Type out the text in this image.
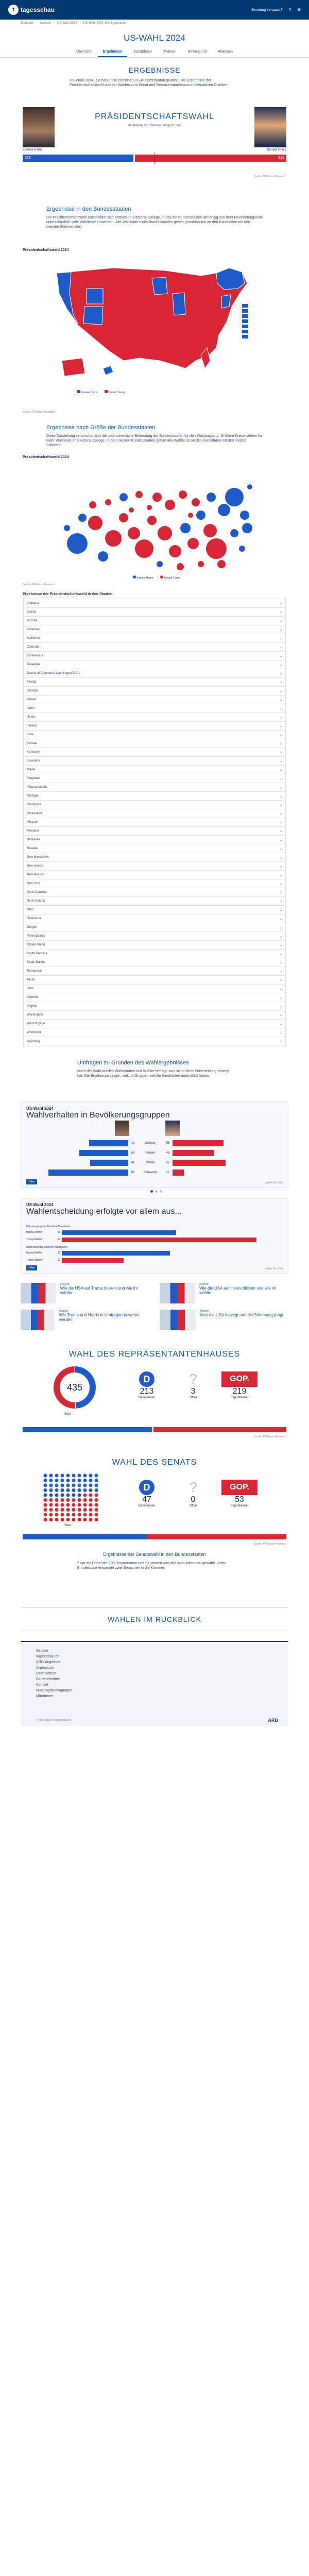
t	tagesschau	Sendung verpasst? ⚲ ☰
Startseite › Ausland › US-Wahl 2024 › US-Wahl 2024: Die Ergebnisse
US-WAHL 2024
Übersicht	Ergebnisse	Kandidaten	Themen	Hintergrund	Analysen
ERGEBNISSE
US-Wahl 2024 - So haben die einzelnen US-Bundesstaaten gewählt: Die Ergebnisse der Präsidentschaftswahl und der Wahlen zum Senat und Repräsentantenhaus in interaktiven Grafiken.
PRÄSIDENTSCHAFTSWAHL
Mindestens 270 Stimmen nötig für Sieg
Kamala Harris	Donald Trump
226	312
Quelle: AP/Edison Research
Ergebnisse in den Bundesstaaten
Die Präsidentschaftswahl entscheidet sich letztlich im Electoral College, in das die Bundesstaaten abhängig von ihrer Bevölkerungszahl unterschiedlich viele Wahlleute entsenden. Alle Wahlleute eines Bundesstaates gehen grundsätzlich an den Kandidaten mit den meisten Stimmen dort.
Präsidentschaftswahl 2024
Kamala Harris	Donald Trump
Quelle: AP/Edison Research
Ergebnisse nach Größe der Bundesstaaten
Diese Darstellung veranschaulicht die unterschiedliche Bedeutung der Bundesstaaten für den Wahlausgang. Größere Kreise stehen für mehr Wahlleute im Electoral College. In den meisten Bundesstaaten gehen alle Wahlleute an den Kandidaten mit den meisten Stimmen.
Präsidentschaftswahl 2024
Kamala Harris	Donald Trump
Quelle: AP/Edison Research
Ergebnisse der Präsidentschaftswahl in den Staaten
Alabama	⌄
Alaska	⌄
Arizona	⌄
Arkansas	⌄
Kalifornien	⌄
Colorado	⌄
Connecticut	⌄
Delaware	⌄
District of Columbia (Washington D.C.)	⌄
Florida	⌄
Georgia	⌄
Hawaii	⌄
Idaho	⌄
Illinois	⌄
Indiana	⌄
Iowa	⌄
Kansas	⌄
Kentucky	⌄
Louisiana	⌄
Maine	⌄
Maryland	⌄
Massachusetts	⌄
Michigan	⌄
Minnesota	⌄
Mississippi	⌄
Missouri	⌄
Montana	⌄
Nebraska	⌄
Nevada	⌄
New Hampshire	⌄
New Jersey	⌄
New Mexico	⌄
New York	⌄
North Carolina	⌄
North Dakota	⌄
Ohio	⌄
Oklahoma	⌄
Oregon	⌄
Pennsylvania	⌄
Rhode Island	⌄
South Carolina	⌄
South Dakota	⌄
Tennessee	⌄
Texas	⌄
Utah	⌄
Vermont	⌄
Virginia	⌄
Washington	⌄
West Virginia	⌄
Wisconsin	⌄
Wyoming	⌄
Umfragen zu Gründen des Wahlergebnisses
Nach der Wahl wurden Wählerinnen und Wähler befragt, was sie zu ihrer Entscheidung bewegt hat. Die Ergebnisse zeigen, welche Gruppen welche Kandidaten unterstützt haben.
US-Wahl 2024
Wahlverhalten in Bevölkerungsgruppen
42	Männer	55
53	Frauen	45
41	Weiße	57
86	Schwarze	12
Quelle: Exit Poll
Teilen
US-Wahl 2024
Wahlentscheidung erfolgte vor allem aus...
Überzeugung von Kandidat/Kandidatin
Harris-Wähler	37
Trump-Wähler	63
Ablehnung des anderen Kandidaten
Harris-Wähler	35
Trump-Wähler	20
Quelle: Exit Poll
Teilen
Analyse
Wie die USA auf Trump blicken und wie ihr wählte
Analyse
Wie die USA auf Harris blicken und wie ihr wählte
Analyse
Wie Trump und Harris in Umfragen bewertet werden
Analyse
Was die USA bewegt und die Stimmung prägt
WAHL DES REPRÄSENTANTENHAUSES
435
Sitze
D
213
Demokraten
?
3
Offen
GOP.
219
Republikaner
Quelle: AP/Edison Research
WAHL DES SENATS
Sitze
D
47
Demokraten
?
0
Offen
GOP.
53
Republikaner
Quelle: AP/Edison Research
Ergebnisse der Senatswahl in den Bundesstaaten
Etwa ein Drittel der 100 Senatorinnen und Senatoren wird alle zwei Jahre neu gewählt. Jeder Bundesstaat entsendet zwei Senatoren in die Kammer.
WAHLEN IM RÜCKBLICK
Service
tagesschau.de
ARD-Angebote
Impressum
Datenschutz
Barrierefreiheit
Kontakt
Nutzungsbedingungen
Mitarbeiter
© ARD-aktuell / tagesschau.de	ARD
